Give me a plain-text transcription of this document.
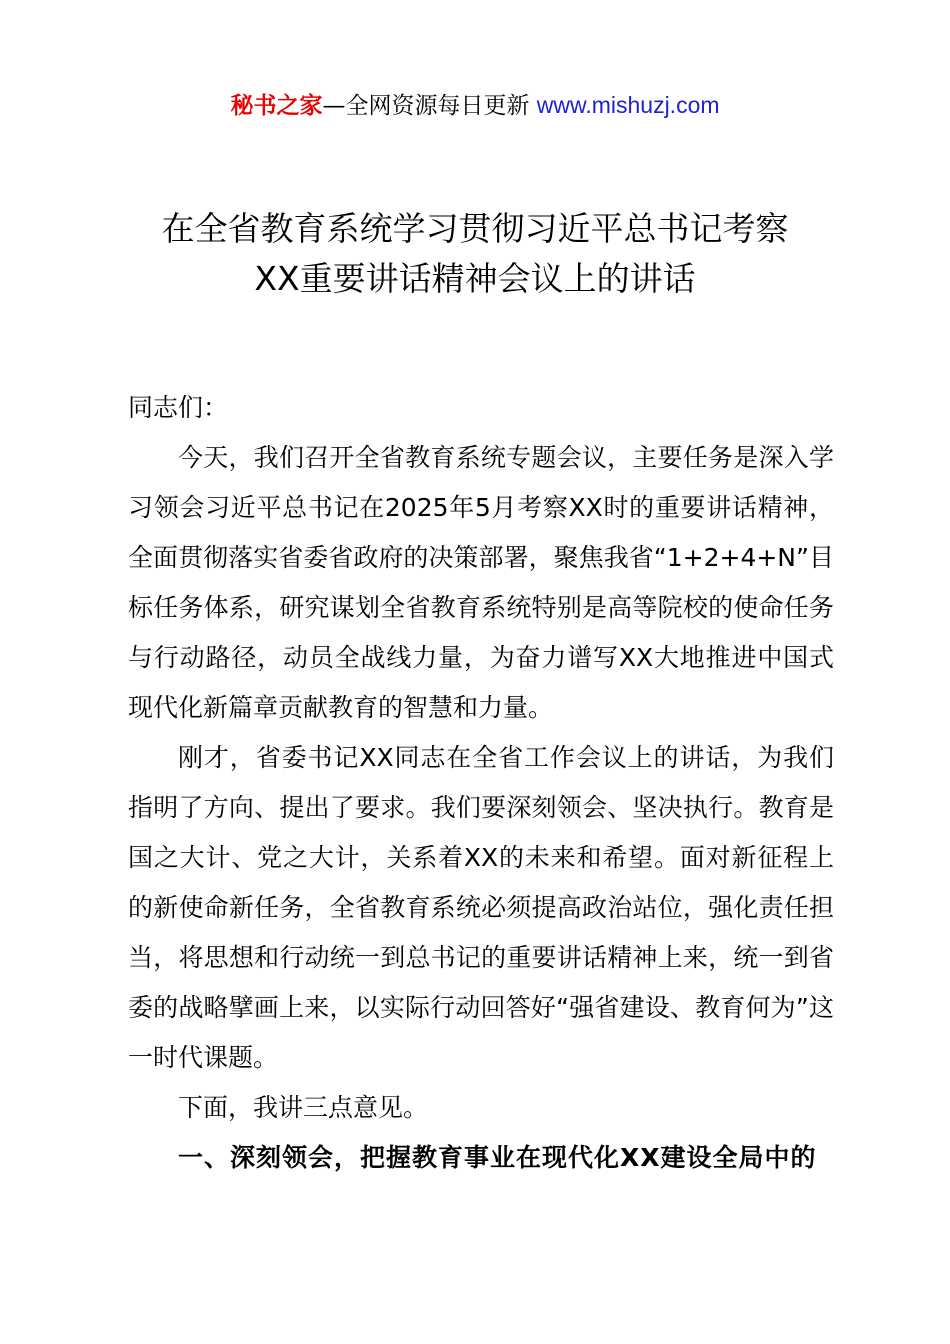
秘书之家—全网资源每日更新 www.mishuzj.com
在全省教育系统学习贯彻习近平总书记考察
XX重要讲话精神会议上的讲话

同志们：

今天，我们召开全省教育系统专题会议，主要任务是深入学习领会习近平总书记在2025年5月考察XX时的重要讲话精神，全面贯彻落实省委省政府的决策部署，聚焦我省“1+2+4+N”目标任务体系，研究谋划全省教育系统特别是高等院校的使命任务与行动路径，动员全战线力量，为奋力谱写XX大地推进中国式现代化新篇章贡献教育的智慧和力量。

刚才，省委书记XX同志在全省工作会议上的讲话，为我们指明了方向、提出了要求。我们要深刻领会、坚决执行。教育是国之大计、党之大计，关系着XX的未来和希望。面对新征程上的新使命新任务，全省教育系统必须提高政治站位，强化责任担当，将思想和行动统一到总书记的重要讲话精神上来，统一到省委的战略擘画上来，以实际行动回答好“强省建设、教育何为”这一时代课题。

下面，我讲三点意见。

一、深刻领会，把握教育事业在现代化XX建设全局中的
